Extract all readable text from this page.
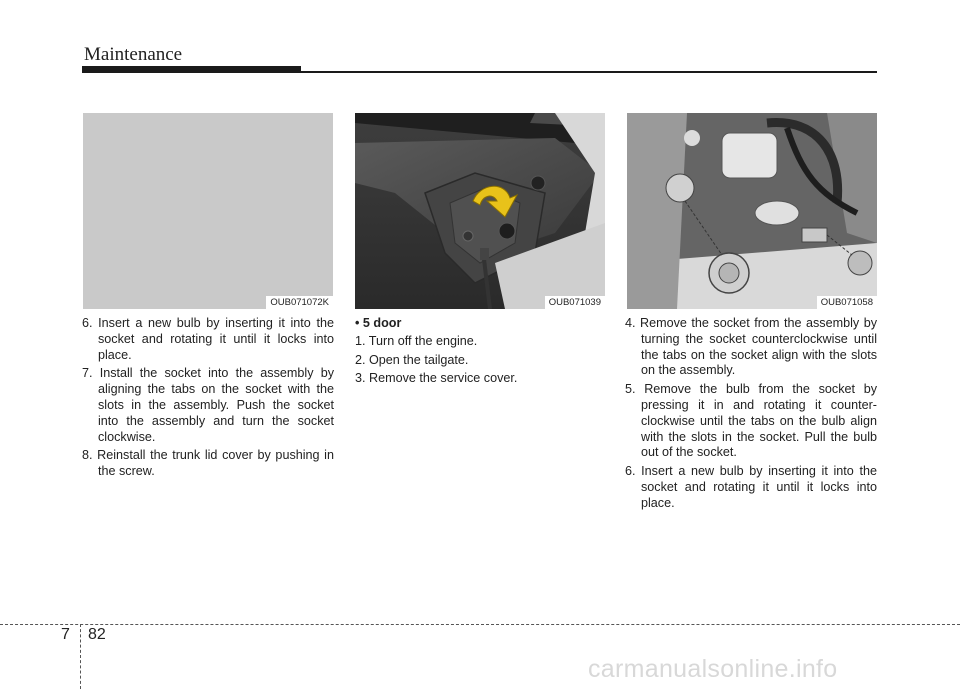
Maintenance
OUB071072K	OUB071039	OUB071058

6. Insert a new bulb by inserting it into the socket and rotating it until it locks into place.

7. Install the socket into the assembly by aligning the tabs on the socket with the slots in the assembly. Push the socket into the assembly and turn the socket clockwise.

8. Reinstall the trunk lid cover by pushing in the screw.

• 5 door

1. Turn off the engine.

2. Open the tailgate.

3. Remove the service cover.

4. Remove the socket from the assembly by turning the socket counterclockwise until the tabs on the socket align with the slots on the assembly.

5. Remove the bulb from the socket by pressing it in and rotating it counter-clockwise until the tabs on the bulb align with the slots in the socket. Pull the bulb out of the socket.

6. Insert a new bulb by inserting it into the socket and rotating it until it locks into place.

7 82
carmanualsonline.info
